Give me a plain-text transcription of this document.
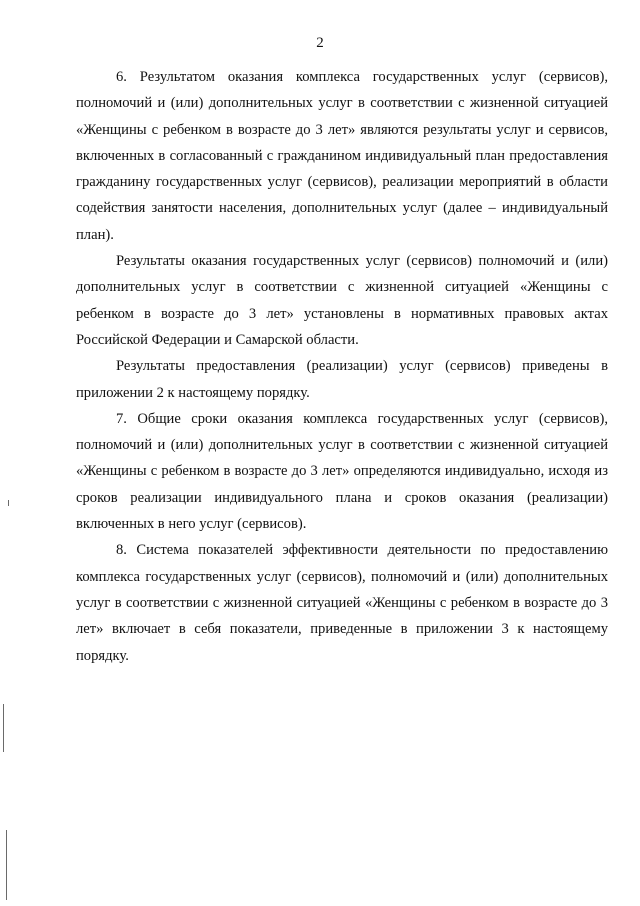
2

6. Результатом оказания комплекса государственных услуг (сервисов), полномочий и (или) дополнительных услуг в соответствии с жизненной ситуацией «Женщины с ребенком в возрасте до 3 лет» являются результаты услуг и сервисов, включенных в согласованный с гражданином индивидуальный план предоставления гражданину государственных услуг (сервисов), реализации мероприятий в области содействия занятости населения, дополнительных услуг (далее – индивидуальный план).

Результаты оказания государственных услуг (сервисов) полномочий и (или) дополнительных услуг в соответствии с жизненной ситуацией «Женщины с ребенком в возрасте до 3 лет» установлены в нормативных правовых актах Российской Федерации и Самарской области.

Результаты предоставления (реализации) услуг (сервисов) приведены в приложении 2 к настоящему порядку.

7. Общие сроки оказания комплекса государственных услуг (сервисов), полномочий и (или) дополнительных услуг в соответствии с жизненной ситуацией «Женщины с ребенком в возрасте до 3 лет» определяются индивидуально, исходя из сроков реализации индивидуального плана и сроков оказания (реализации) включенных в него услуг (сервисов).

8. Система показателей эффективности деятельности по предоставлению комплекса государственных услуг (сервисов), полномочий и (или) дополнительных услуг в соответствии с жизненной ситуацией «Женщины с ребенком в возрасте до 3 лет» включает в себя показатели, приведенные в приложении 3 к настоящему порядку.
